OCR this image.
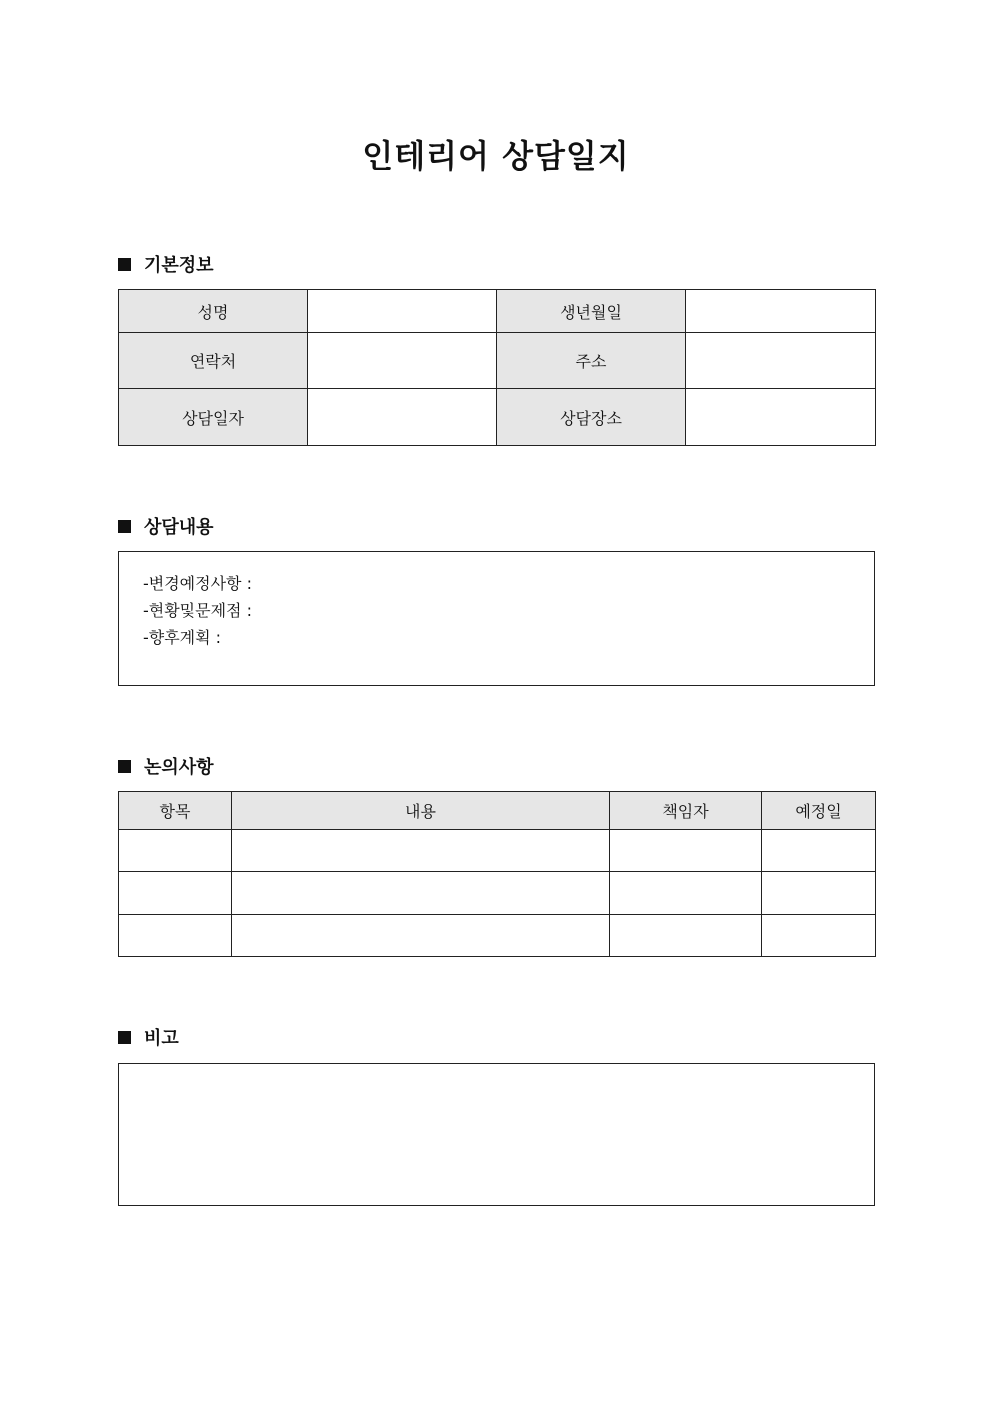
인테리어 상담일지
기본정보
성명		생년월일	
연락처		주소	
상담일자		상담장소	
상담내용
-변경예정사항 :
-현황및문제점 :
-향후계획 :
논의사항
항목	내용	책임자	예정일

비고
